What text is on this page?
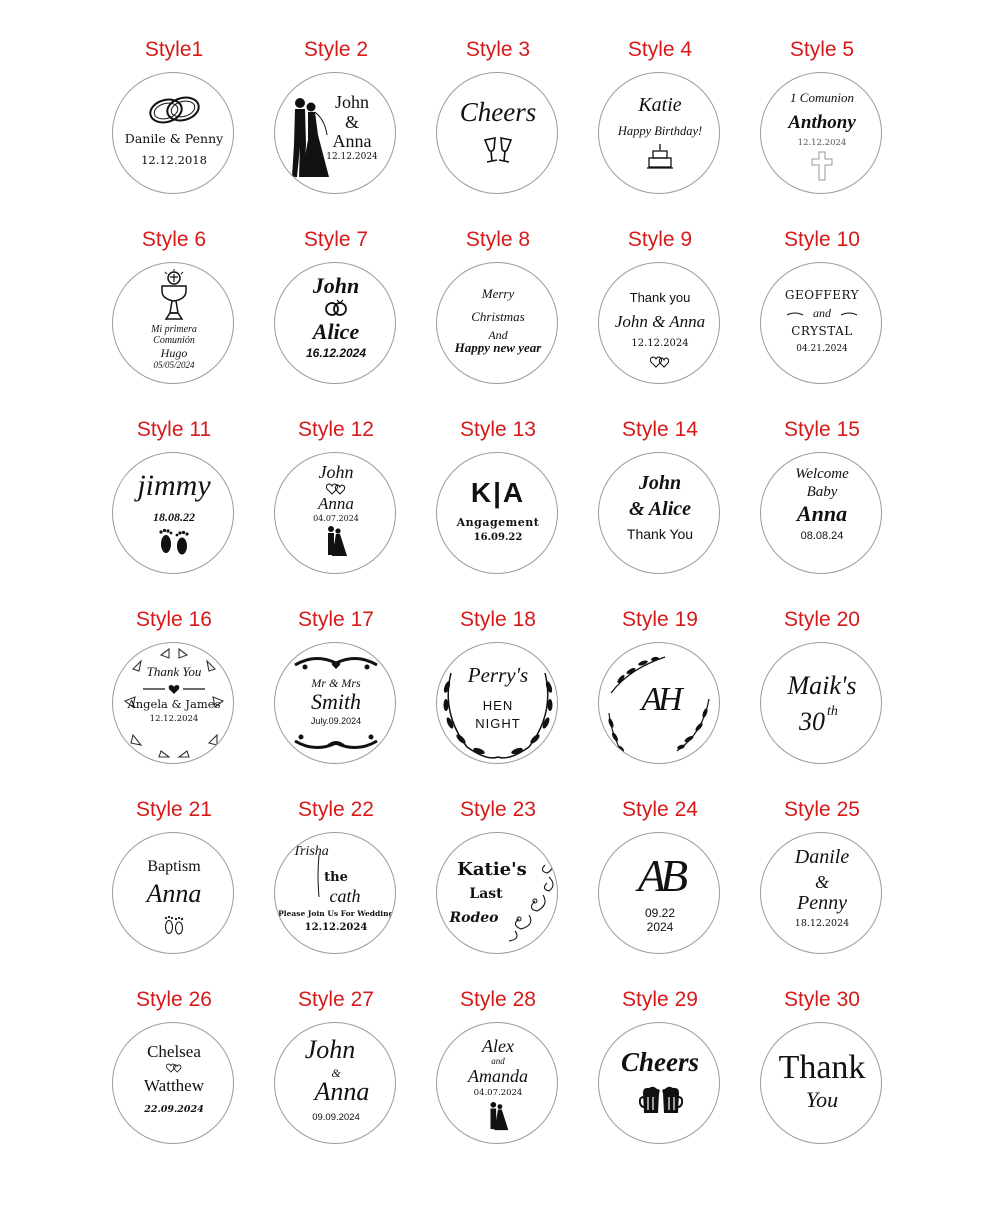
Style1
Danile & Penny
12.12.2018
Style 2
John
&
Anna
12.12.2024
Style 3
Cheers
Style 4
Katie
Happy Birthday!
Style 5
1 Comunion
Anthony
12.12.2024
Style 6
Mi primera
Comunión
Hugo
05/05/2024
Style 7
John
Alice
16.12.2024
Style 8
Merry
Christmas
And
Happy new year
Style 9
Thank you
John & Anna
12.12.2024
Style 10
GEOFFERY
and
CRYSTAL
04.21.2024
Style 11
jimmy
18.08.22
Style 12
John
Anna
04.07.2024
Style 13
K|A
Angagement
16.09.22
Style 14
John
& Alice
Thank You
Style 15
Welcome
Baby
Anna
08.08.24
Style 16
Thank You
Angela & James
12.12.2024
Style 17
Mr & Mrs
Smith
July.09.2024
Style 18
Perry's
HEN
NIGHT
Style 19
AH
Style 20
Maik's
30 th
Style 21
Baptism
Anna
Style 22
Trisha
the
cath
Please Join Us For Wedding
12.12.2024
Style 23
Katie's
Last
Rodeo
Style 24
AB
09.22
2024
Style 25
Danile
&
Penny
18.12.2024
Style 26
Chelsea
Watthew
22.09.2024
Style 27
John
&
Anna
09.09.2024
Style 28
Alex
and
Amanda
04.07.2024
Style 29
Cheers
Style 30
Thank
You
